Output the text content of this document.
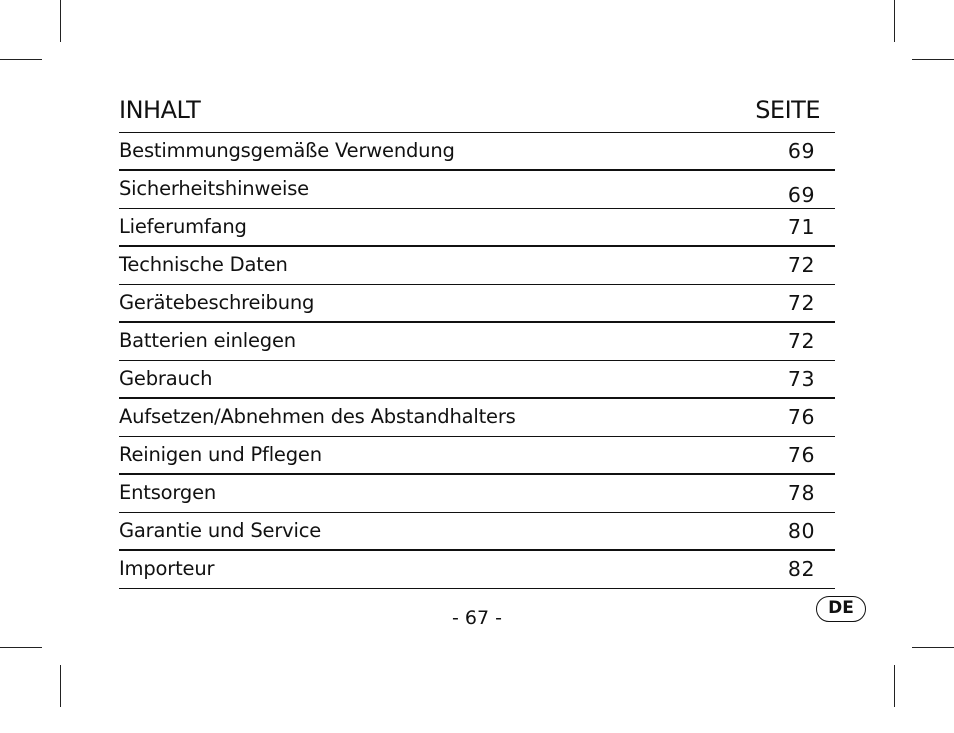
INHALT	SEITE
Bestimmungsgemäße Verwendung	69
Sicherheitshinweise	69
Lieferumfang	71
Technische Daten	72
Gerätebeschreibung	72
Batterien einlegen	72
Gebrauch	73
Aufsetzen/Abnehmen des Abstandhalters	76
Reinigen und Pflegen	76
Entsorgen	78
Garantie und Service	80
Importeur	82
- 67 -	DE
